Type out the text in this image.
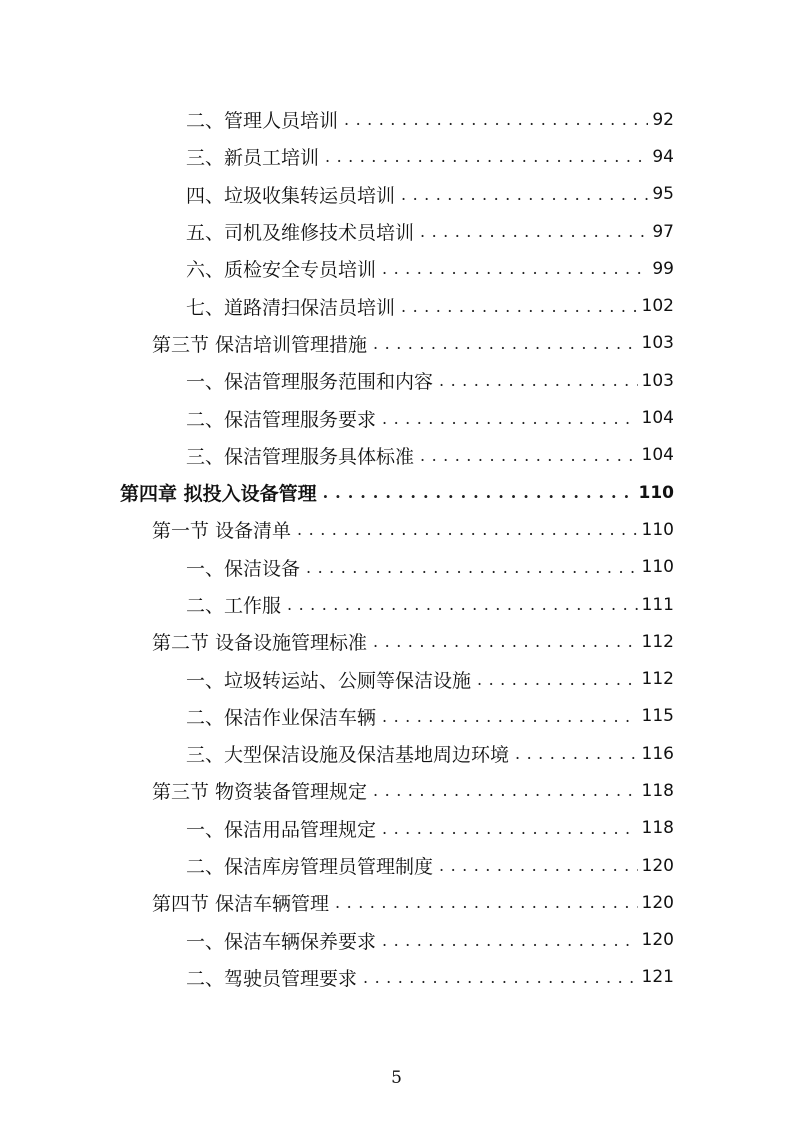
二、管理人员培训 . . .	92
三、新员工培训 . . .	94
四、垃圾收集转运员培训 . . .	95
五、司机及维修技术员培训 . . .	97
六、质检安全专员培训 . . .	99
七、道路清扫保洁员培训 . . .	102
第三节 保洁培训管理措施 . . .	103
一、保洁管理服务范围和内容 . . .	103
二、保洁管理服务要求 . . .	104
三、保洁管理服务具体标准 . . .	104
第四章 拟投入设备管理 . . .	110
第一节 设备清单 . . .	110
一、保洁设备 . . .	110
二、工作服 . . .	111
第二节 设备设施管理标准 . . .	112
一、垃圾转运站、公厕等保洁设施 . . .	112
二、保洁作业保洁车辆 . . .	115
三、大型保洁设施及保洁基地周边环境 . . .	116
第三节 物资装备管理规定 . . .	118
一、保洁用品管理规定 . . .	118
二、保洁库房管理员管理制度 . . .	120
第四节 保洁车辆管理 . . .	120
一、保洁车辆保养要求 . . .	120
二、驾驶员管理要求 . . .	121
5
